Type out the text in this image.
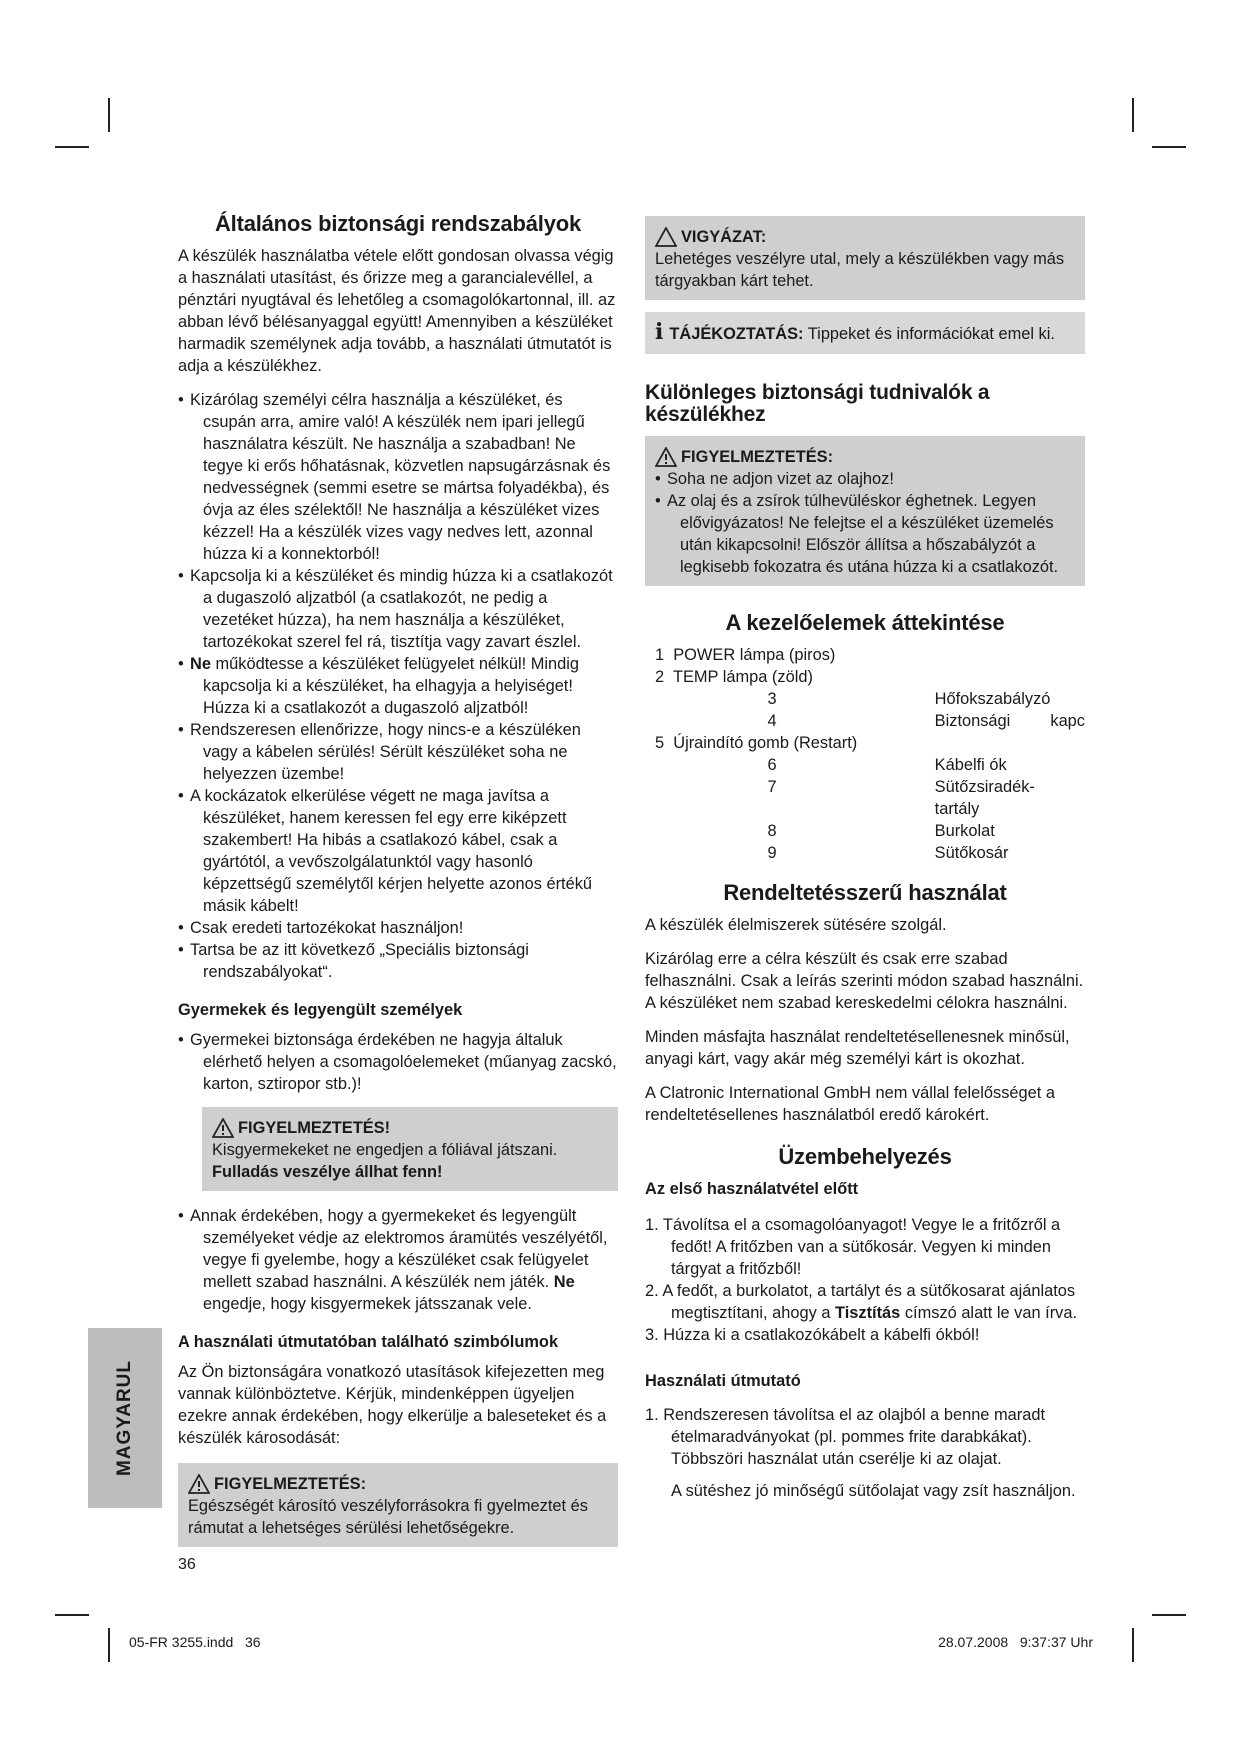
Általános biztonsági rendszabályok

A készülék használatba vétele előtt gondosan olvassa végig a használati utasítást, és őrizze meg a garancialevéllel, a pénztári nyugtával és lehetőleg a csomagolókartonnal, ill. az abban lévő bélésanyaggal együtt! Amennyiben a készüléket harmadik személynek adja tovább, a használati útmutatót is adja a készülékhez.

• Kizárólag személyi célra használja a készüléket, és csupán arra, amire való! A készülék nem ipari jellegű használatra készült. Ne használja a szabadban! Ne tegye ki erős hőhatásnak, közvetlen napsugárzásnak és nedvességnek (semmi esetre se mártsa folyadékba), és óvja az éles szélektől! Ne használja a készüléket vizes kézzel! Ha a készülék vizes vagy nedves lett, azonnal húzza ki a konnektorból!
• Kapcsolja ki a készüléket és mindig húzza ki a csatlakozót a dugaszoló aljzatból (a csatlakozót, ne pedig a vezetéket húzza), ha nem használja a készüléket, tartozékokat szerel fel rá, tisztítja vagy zavart észlel.
• Ne működtesse a készüléket felügyelet nélkül! Mindig kapcsolja ki a készüléket, ha elhagyja a helyiséget! Húzza ki a csatlakozót a dugaszoló aljzatból!
• Rendszeresen ellenőrizze, hogy nincs-e a készüléken vagy a kábelen sérülés! Sérült készüléket soha ne helyezzen üzembe!
• A kockázatok elkerülése végett ne maga javítsa a készüléket, hanem keressen fel egy erre kiképzett szakembert! Ha hibás a csatlakozó kábel, csak a gyártótól, a vevőszolgálatunktól vagy hasonló képzettségű személytől kérjen helyette azonos értékű másik kábelt!
• Csak eredeti tartozékokat használjon!
• Tartsa be az itt következő „Speciális biztonsági rendszabályokat“.
Gyermekek és legyengült személyek
• Gyermekei biztonsága érdekében ne hagyja általuk elérhető helyen a csomagolóelemeket (műanyag zacskó, karton, sztiropor stb.)!
FIGYELMEZTETÉS!
Kisgyermekeket ne engedjen a fóliával játszani. Fulladás veszélye állhat fenn!
• Annak érdekében, hogy a gyermekeket és legyengült személyeket védje az elektromos áramütés veszélyétől, vegye fi gyelembe, hogy a készüléket csak felügyelet mellett szabad használni. A készülék nem játék. Ne engedje, hogy kisgyermekek játsszanak vele.
A használati útmutatóban található szimbólumok

Az Ön biztonságára vonatkozó utasítások kifejezetten meg vannak különböztetve. Kérjük, mindenképpen ügyeljen ezekre annak érdekében, hogy elkerülje a baleseteket és a készülék károsodását:

FIGYELMEZTETÉS:
Egészségét károsító veszélyforrásokra fi gyelmeztet és rámutat a lehetséges sérülési lehetőségekre.
VIGYÁZAT:
Lehetéges veszélyre utal, mely a készülékben vagy más tárgyakban kárt tehet.
i TÁJÉKOZTATÁS: Tippeket és információkat emel ki.
Különleges biztonsági tudnivalók a készülékhez
FIGYELMEZTETÉS:
• Soha ne adjon vizet az olajhoz!
• Az olaj és a zsírok túlhevüléskor éghetnek. Legyen elővigyázatos! Ne felejtse el a készüléket üzemelés után kikapcsolni! Először állítsa a hőszabályzót a legkisebb fokozatra és utána húzza ki a csatlakozót.
A kezelőelemek áttekintése
1 POWER lámpa (piros)		
2 TEMP lámpa (zöld)		
3	Hőfokszabályzó	
4	Biztonsági	kapc
5 Újraindító gomb (Restart)		
6	Kábelfi ók	
7	Sütőzsiradék-tartály	
8	Burkolat	
9	Sütőkosár	
Rendeltetésszerű használat

A készülék élelmiszerek sütésére szolgál.

Kizárólag erre a célra készült és csak erre szabad felhasználni. Csak a leírás szerinti módon szabad használni. A készüléket nem szabad kereskedelmi célokra használni.

Minden másfajta használat rendeltetésellenesnek minősül, anyagi kárt, vagy akár még személyi kárt is okozhat.

A Clatronic International GmbH nem vállal felelősséget a rendeltetésellenes használatból eredő károkért.

Üzembehelyezés
Az első használatvétel előtt
1. Távolítsa el a csomagolóanyagot! Vegye le a fritőzről a fedőt! A fritőzben van a sütőkosár. Vegyen ki minden tárgyat a fritőzből!
2. A fedőt, a burkolatot, a tartályt és a sütőkosarat ajánlatos megtisztítani, ahogy a Tisztítás címszó alatt le van írva.
3. Húzza ki a csatlakozókábelt a kábelfi ókból!
Használati útmutató
1. Rendszeresen távolítsa el az olajból a benne maradt ételmaradványokat (pl. pommes frite darabkákat). Többszöri használat után cserélje ki az olajat.

A sütéshez jó minőségű sütőolajat vagy zsít használjon.

MAGYARUL
36
05-FR 3255.indd   36	28.07.2008   9:37:37 Uhr
